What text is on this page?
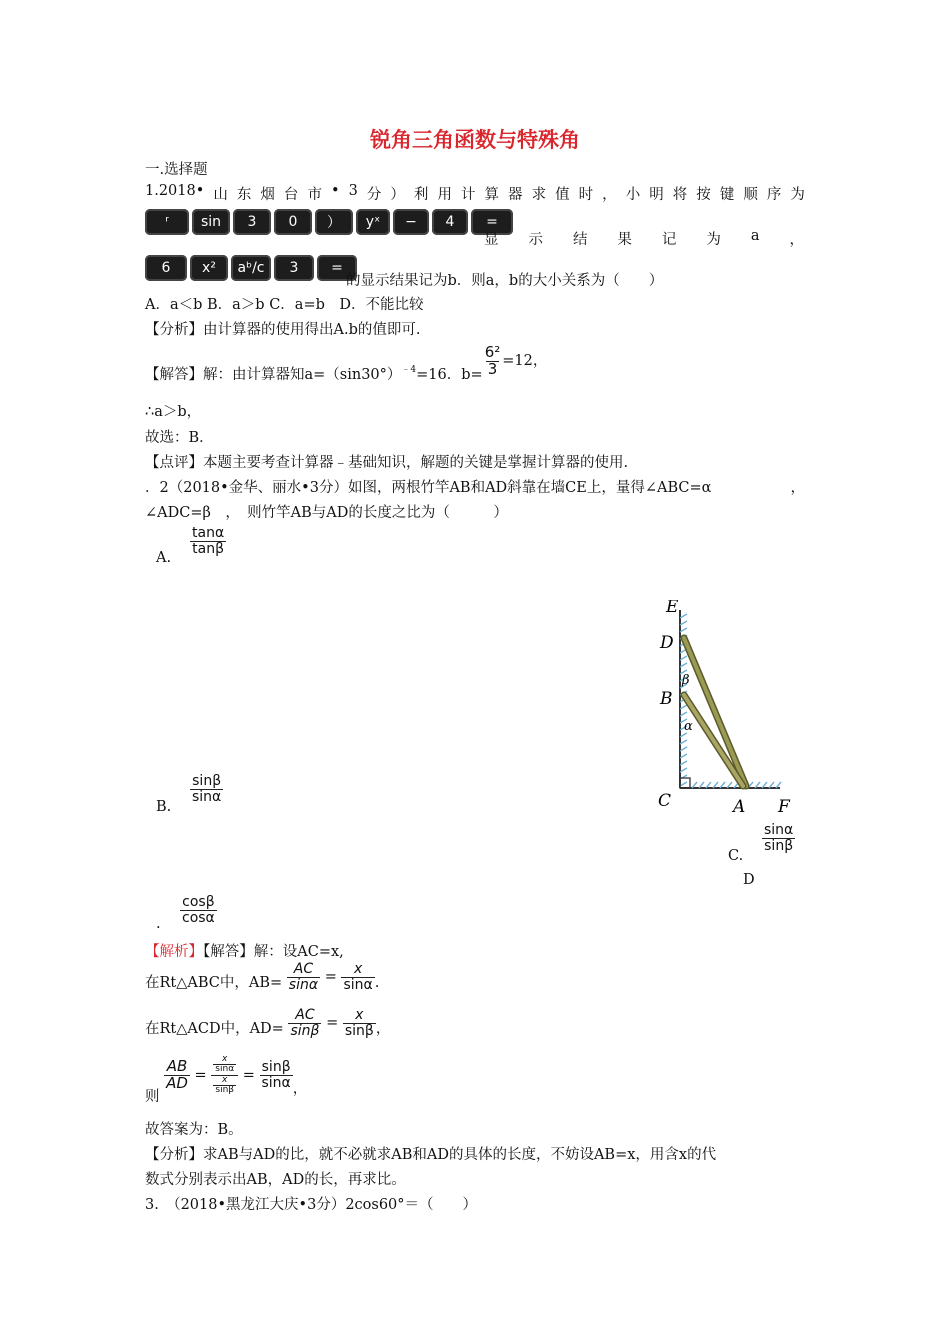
锐角三角函数与特殊角
一.选择题
1.2018• 山 东 烟 台 市 • 3 分 ） 利 用 计 算 器 求 值 时 ， 小 明 将 按 键 顺 序 为
ʳ	sin	3	0	）	yˣ	−	4	=
显 示 结 果 记 为 a ，
6	x²	aᵇ/c	3	=
的显示结果记为b．则a，b的大小关系为（　　）
A．a＜b B．a＞b C．a=b　D．不能比较
【分析】由计算器的使用得出A.b的值即可.
【解答】解：由计算器知$a=(\sin 30^\circ)_{﹣4}=16$．$b= \frac{\text{6²}}{3} =12$，
∴a＞b，
故选：B．
【点评】本题主要考查计算器﹣基础知识，解题的关键是掌握计算器的使用.
．2（2018•金华、丽水•3分）如图，两根竹竿AB和AD斜靠在墙CE上，量得∠ABC=α	，
∠ADC=β　，　则竹竿AB与AD的长度之比为（　　　）
A.
$\frac{\tan\alpha}{\tan\beta}$
B.
$\frac{\sin\beta}{\sin\alpha}$
E
D
B
C	A F
β
α
C.
$\frac{\sin\alpha}{\sin\beta}$
D
. $\frac{\cos\beta}{\cos\alpha}$
【解析】【解答】解：设AC=x,
在Rt△ABC中，$AB= \frac{AC}{\sin\alpha} = \frac{x}{\sin\alpha}$ .
在Rt△ACD中，$AD= \frac{AC}{\sin\beta} = \frac{x}{\sin\beta}$ ，
则
$\frac{AB}{AD} = \frac{\frac{x}{\sin\alpha}}{\frac{x}{\sin\beta}} = \frac{\sin\beta}{\sin\alpha}$ ，
故答案为：B。
【分析】求AB与AD的比，就不必就求AB和AD的具体的长度，不妨设AB=x，用含x的代
数式分别表示出AB，AD的长，再求比。
3.　（2018•黑龙江大庆•3分）2cos60°＝（　　）
